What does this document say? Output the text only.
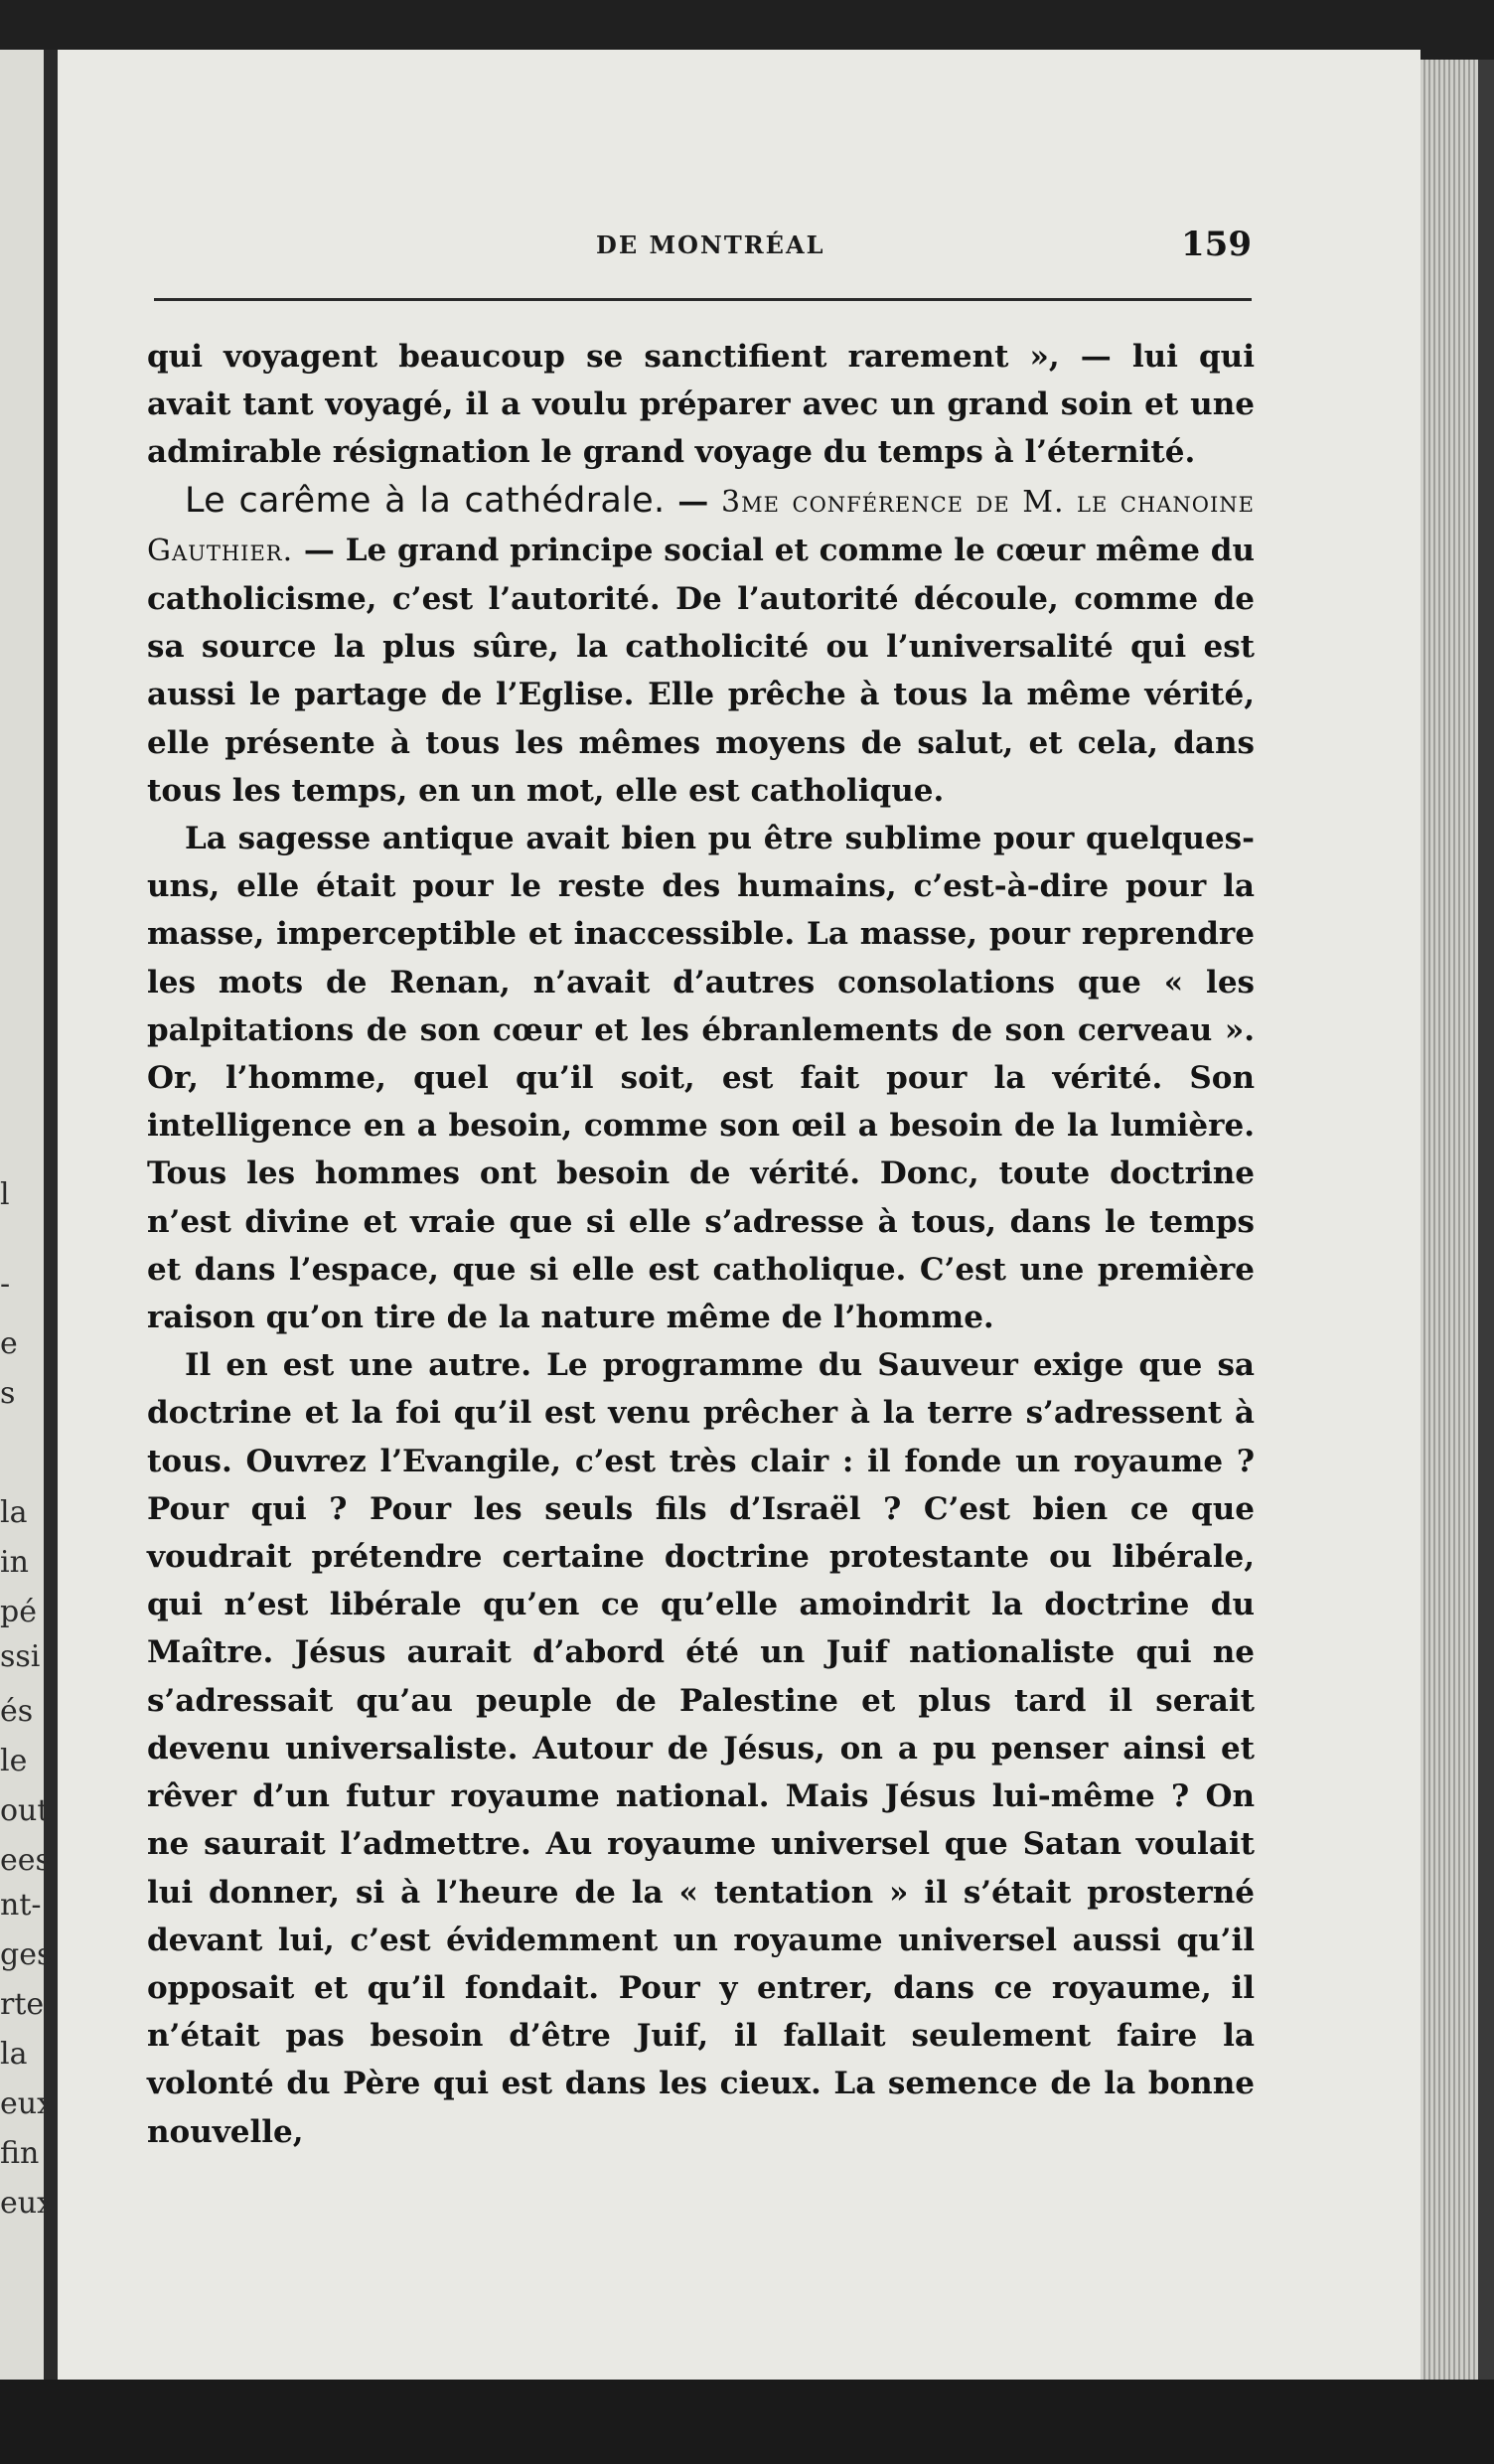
l
-
e
s
la
in
pé
ssi
és
le
out
ees
nt-
ges
rte
la
eux
fin
eux
DE MONTRÉAL	159

qui voyagent beaucoup se sanctifient rarement », — lui qui avait tant voyagé, il a voulu préparer avec un grand soin et une admirable résignation le grand voyage du temps à l’éternité.

Le carême à la cathédrale. — 3me conférence de M. le chanoine Gauthier. — Le grand principe social et comme le cœur même du catholicisme, c’est l’autorité. De l’autorité découle, comme de sa source la plus sûre, la catholicité ou l’universalité qui est aussi le partage de l’Eglise. Elle prêche à tous la même vérité, elle présente à tous les mêmes moyens de salut, et cela, dans tous les temps, en un mot, elle est catholique.

La sagesse antique avait bien pu être sublime pour quelques-uns, elle était pour le reste des humains, c’est-à-dire pour la masse, imperceptible et inaccessible. La masse, pour reprendre les mots de Renan, n’avait d’autres consolations que « les palpitations de son cœur et les ébranlements de son cerveau ». Or, l’homme, quel qu’il soit, est fait pour la vérité. Son intelligence en a besoin, comme son œil a besoin de la lumière. Tous les hommes ont besoin de vérité. Donc, toute doctrine n’est divine et vraie que si elle s’adresse à tous, dans le temps et dans l’espace, que si elle est catholique. C’est une première raison qu’on tire de la nature même de l’homme.

Il en est une autre. Le programme du Sauveur exige que sa doctrine et la foi qu’il est venu prêcher à la terre s’adressent à tous. Ouvrez l’Evangile, c’est très clair : il fonde un royaume ? Pour qui ? Pour les seuls fils d’Israël ? C’est bien ce que voudrait prétendre certaine doctrine protestante ou libérale, qui n’est libérale qu’en ce qu’elle amoindrit la doctrine du Maître. Jésus aurait d’abord été un Juif nationaliste qui ne s’adressait qu’au peuple de Palestine et plus tard il serait devenu universaliste. Autour de Jésus, on a pu penser ainsi et rêver d’un futur royaume national. Mais Jésus lui-même ? On ne saurait l’admettre. Au royaume universel que Satan voulait lui donner, si à l’heure de la « tentation » il s’était prosterné devant lui, c’est évidemment un royaume universel aussi qu’il opposait et qu’il fondait. Pour y entrer, dans ce royaume, il n’était pas besoin d’être Juif, il fallait seulement faire la volonté du Père qui est dans les cieux. La semence de la bonne nouvelle,
